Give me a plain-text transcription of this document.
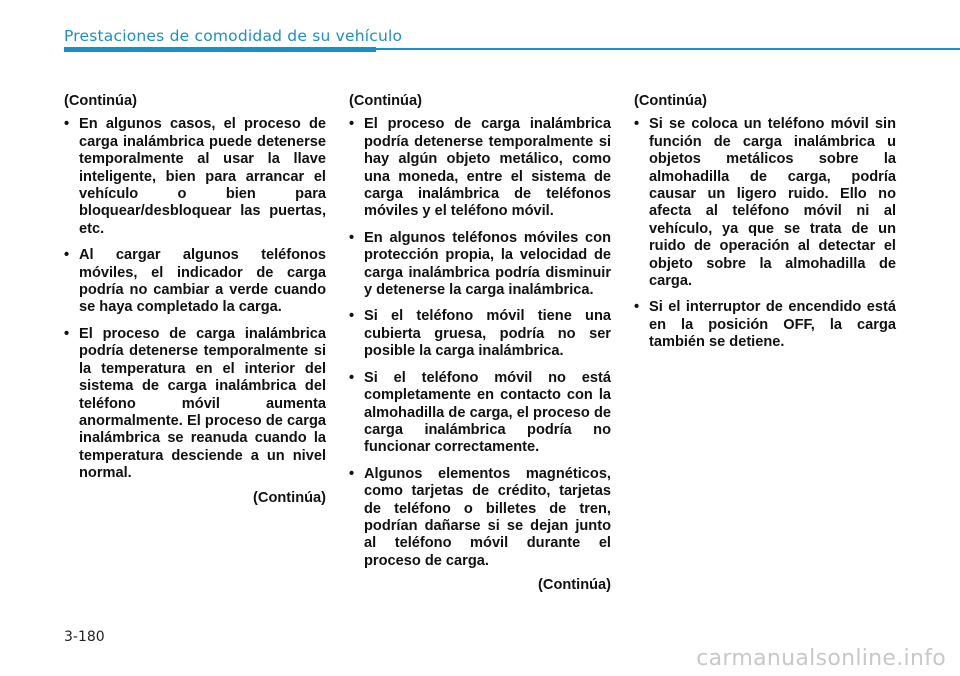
Prestaciones de comodidad de su vehículo
(Continúa)
• En algunos casos, el proceso de carga inalámbrica puede detenerse temporalmente al usar la llave inteligente, bien para arrancar el vehículo o bien para bloquear/desbloquear las puertas, etc.
• Al cargar algunos teléfonos móviles, el indicador de carga podría no cambiar a verde cuando se haya completado la carga.
• El proceso de carga inalámbrica podría detenerse temporalmente si la temperatura en el interior del sistema de carga inalámbrica del teléfono móvil aumenta anormalmente. El proceso de carga inalámbrica se reanuda cuando la temperatura desciende a un nivel normal.
(Continúa)
(Continúa)
• El proceso de carga inalámbrica podría detenerse temporalmente si hay algún objeto metálico, como una moneda, entre el sistema de carga inalámbrica de teléfonos móviles y el teléfono móvil.
• En algunos teléfonos móviles con protección propia, la velocidad de carga inalámbrica podría disminuir y detenerse la carga inalámbrica.
• Si el teléfono móvil tiene una cubierta gruesa, podría no ser posible la carga inalámbrica.
• Si el teléfono móvil no está completamente en contacto con la almohadilla de carga, el proceso de carga inalámbrica podría no funcionar correctamente.
• Algunos elementos magnéticos, como tarjetas de crédito, tarjetas de teléfono o billetes de tren, podrían dañarse si se dejan junto al teléfono móvil durante el proceso de carga.
(Continúa)
(Continúa)
• Si se coloca un teléfono móvil sin función de carga inalámbrica u objetos metálicos sobre la almohadilla de carga, podría causar un ligero ruido. Ello no afecta al teléfono móvil ni al vehículo, ya que se trata de un ruido de operación al detectar el objeto sobre la almohadilla de carga.
• Si el interruptor de encendido está en la posición OFF, la carga también se detiene.
3-180
carmanualsonline.info
